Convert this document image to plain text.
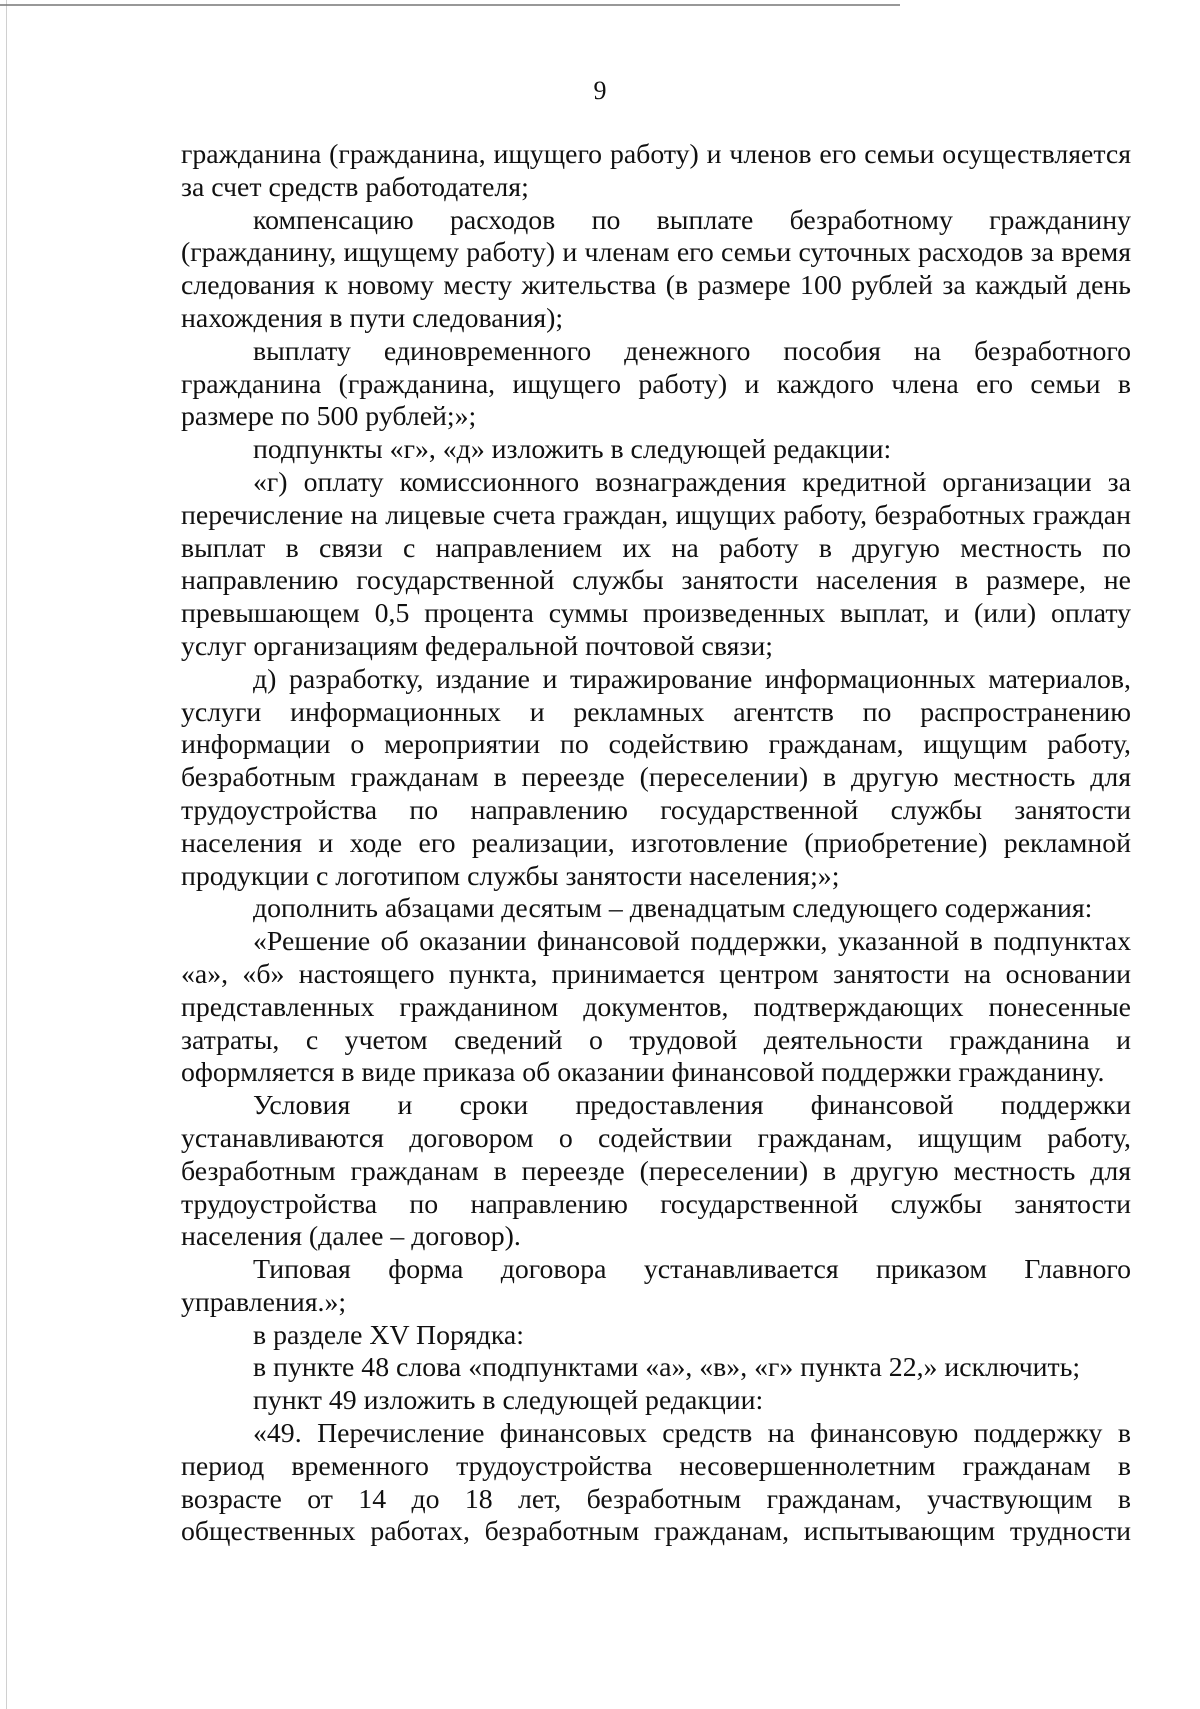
9

гражданина (гражданина, ищущего работу) и членов его семьи осуществляется за счет средств работодателя;

компенсацию расходов по выплате безработному гражданину (гражданину, ищущему работу) и членам его семьи суточных расходов за время следования к новому месту жительства (в размере 100 рублей за каждый день нахождения в пути следования);

выплату единовременного денежного пособия на безработного гражданина (гражданина, ищущего работу) и каждого члена его семьи в размере по 500 рублей;»;

подпункты «г», «д» изложить в следующей редакции:

«г) оплату комиссионного вознаграждения кредитной организации за перечисление на лицевые счета граждан, ищущих работу, безработных граждан выплат в связи с направлением их на работу в другую местность по направлению государственной службы занятости населения в размере, не превышающем 0,5 процента суммы произведенных выплат, и (или) оплату услуг организациям федеральной почтовой связи;

д) разработку, издание и тиражирование информационных материалов, услуги информационных и рекламных агентств по распространению информации о мероприятии по содействию гражданам, ищущим работу, безработным гражданам в переезде (переселении) в другую местность для трудоустройства по направлению государственной службы занятости населения и ходе его реализации, изготовление (приобретение) рекламной продукции с логотипом службы занятости населения;»;

дополнить абзацами десятым – двенадцатым следующего содержания:

«Решение об оказании финансовой поддержки, указанной в подпунктах «а», «б» настоящего пункта, принимается центром занятости на основании представленных гражданином документов, подтверждающих понесенные затраты, с учетом сведений о трудовой деятельности гражданина и оформляется в виде приказа об оказании финансовой поддержки гражданину.

Условия и сроки предоставления финансовой поддержки устанавливаются договором о содействии гражданам, ищущим работу, безработным гражданам в переезде (переселении) в другую местность для трудоустройства по направлению государственной службы занятости населения (далее – договор).

Типовая форма договора устанавливается приказом Главного управления.»;

в разделе XV Порядка:

в пункте 48 слова «подпунктами «а», «в», «г» пункта 22,» исключить;

пункт 49 изложить в следующей редакции:

«49. Перечисление финансовых средств на финансовую поддержку в период временного трудоустройства несовершеннолетним гражданам в возрасте от 14 до 18 лет, безработным гражданам, участвующим в общественных работах, безработным гражданам, испытывающим трудности
